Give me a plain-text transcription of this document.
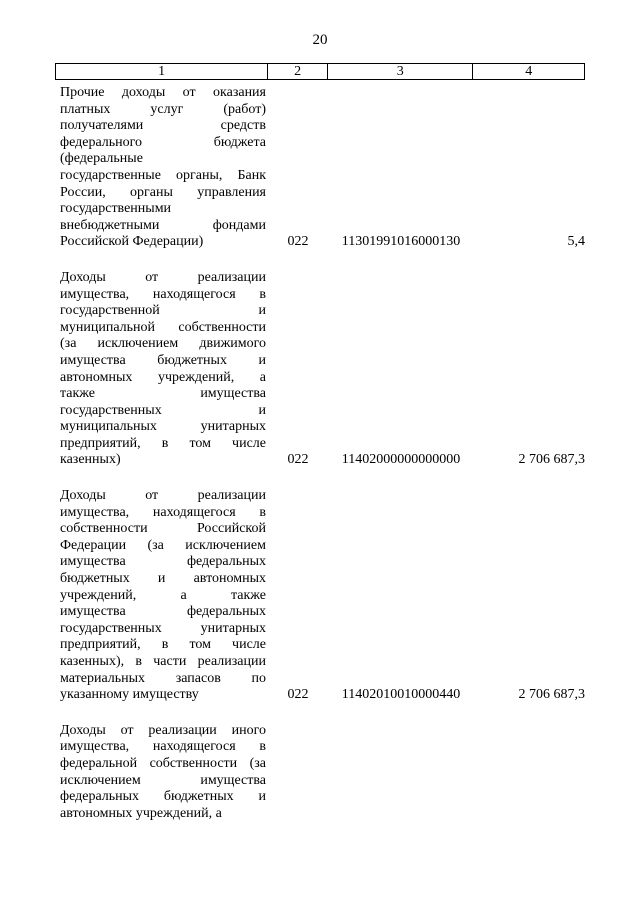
20
1	2	3	4
Прочие доходы от оказания
платных услуг (работ)
получателями средств
федерального бюджета
(федеральные
государственные органы, Банк
России, органы управления
государственными
внебюджетными фондами
Российской Федерации)	022	11301991016000130	5,4
Доходы от реализации
имущества, находящегося в
государственной и
муниципальной собственности
(за исключением движимого
имущества бюджетных и
автономных учреждений, а
также имущества
государственных и
муниципальных унитарных
предприятий, в том числе
казенных)	022	11402000000000000	2 706 687,3
Доходы от реализации
имущества, находящегося в
собственности Российской
Федерации (за исключением
имущества федеральных
бюджетных и автономных
учреждений, а также
имущества федеральных
государственных унитарных
предприятий, в том числе
казенных), в части реализации
материальных запасов по
указанному имуществу	022	11402010010000440	2 706 687,3
Доходы от реализации иного
имущества, находящегося в
федеральной собственности (за
исключением имущества
федеральных бюджетных и
автономных учреждений, а
